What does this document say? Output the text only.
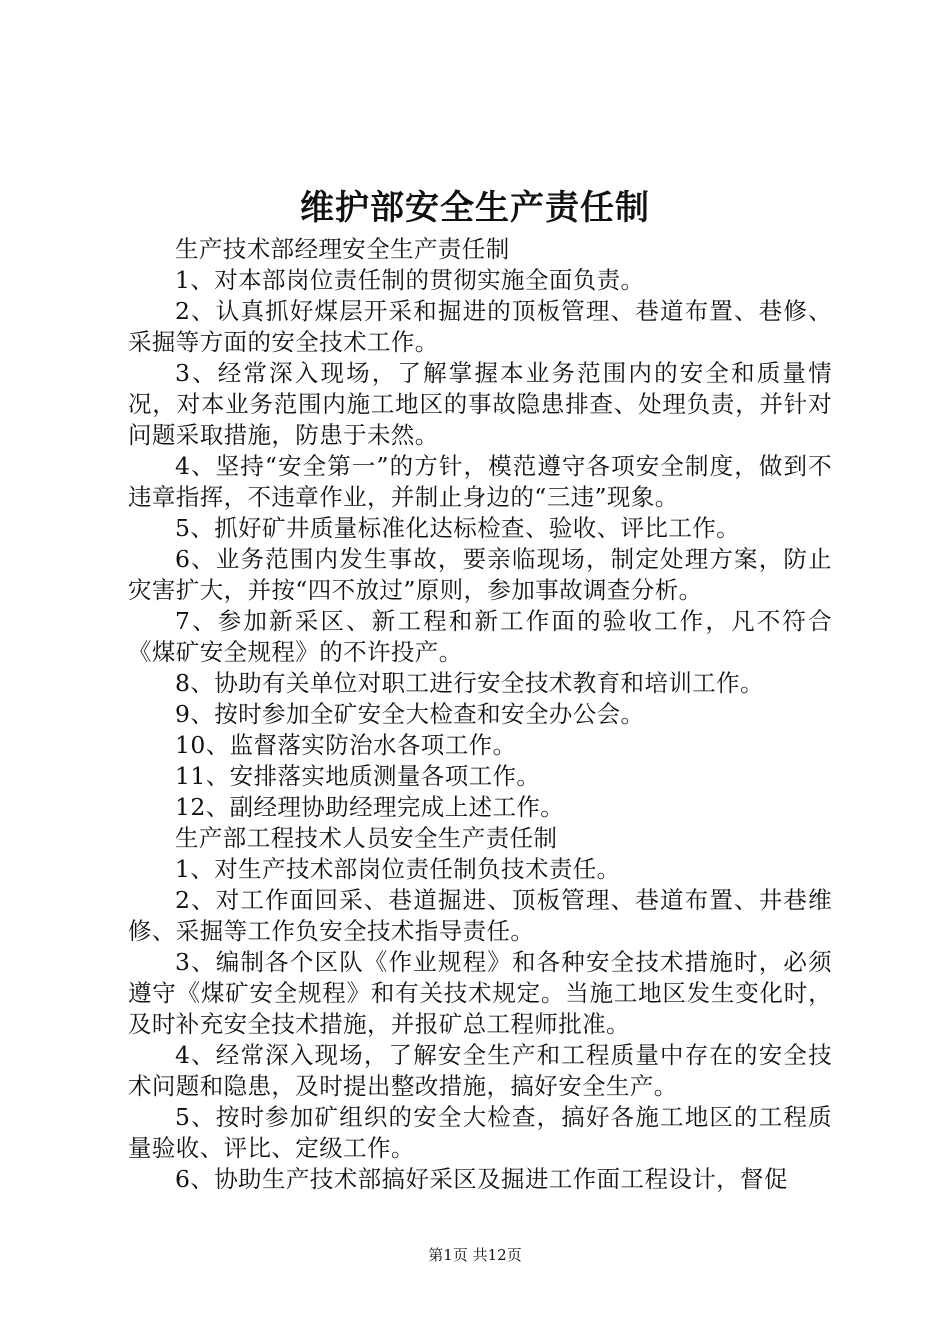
维护部安全生产责任制

生产技术部经理安全生产责任制

1、对本部岗位责任制的贯彻实施全面负责。

2、认真抓好煤层开采和掘进的顶板管理、巷道布置、巷修、采掘等方面的安全技术工作。

3、经常深入现场，了解掌握本业务范围内的安全和质量情况，对本业务范围内施工地区的事故隐患排查、处理负责，并针对问题采取措施，防患于未然。

4、坚持“安全第一”的方针，模范遵守各项安全制度，做到不违章指挥，不违章作业，并制止身边的“三违”现象。

5、抓好矿井质量标准化达标检查、验收、评比工作。

6、业务范围内发生事故，要亲临现场，制定处理方案，防止灾害扩大，并按“四不放过”原则，参加事故调查分析。

7、参加新采区、新工程和新工作面的验收工作，凡不符合《煤矿安全规程》的不许投产。

8、协助有关单位对职工进行安全技术教育和培训工作。

9、按时参加全矿安全大检查和安全办公会。

10、监督落实防治水各项工作。

11、安排落实地质测量各项工作。

12、副经理协助经理完成上述工作。

生产部工程技术人员安全生产责任制

1、对生产技术部岗位责任制负技术责任。

2、对工作面回采、巷道掘进、顶板管理、巷道布置、井巷维修、采掘等工作负安全技术指导责任。

3、编制各个区队《作业规程》和各种安全技术措施时，必须遵守《煤矿安全规程》和有关技术规定。当施工地区发生变化时，及时补充安全技术措施，并报矿总工程师批准。

4、经常深入现场，了解安全生产和工程质量中存在的安全技术问题和隐患，及时提出整改措施，搞好安全生产。

5、按时参加矿组织的安全大检查，搞好各施工地区的工程质量验收、评比、定级工作。

6、协助生产技术部搞好采区及掘进工作面工程设计，督促

第1页 共12页
